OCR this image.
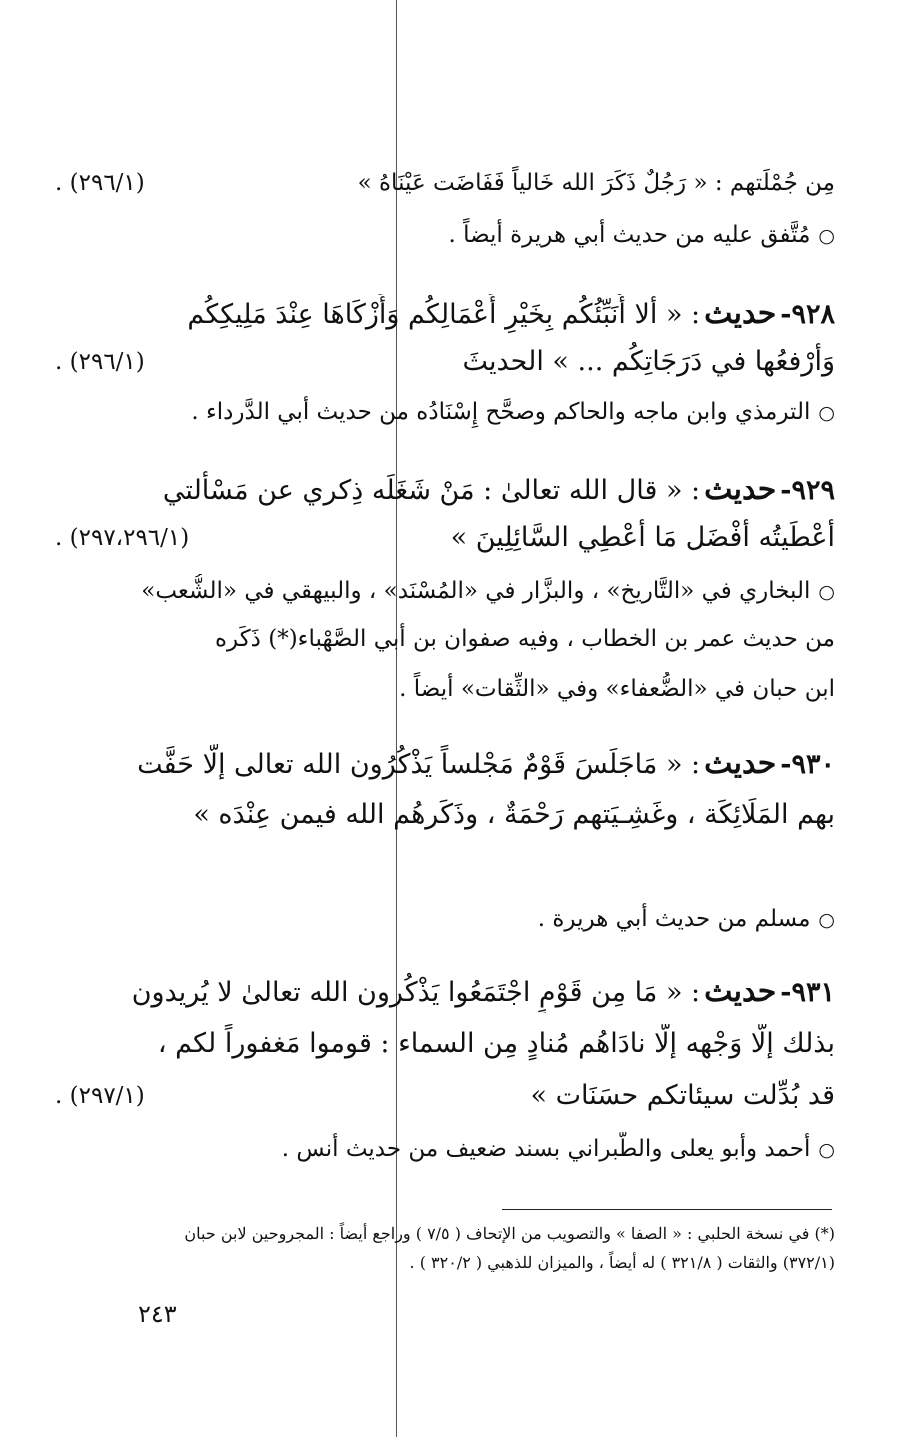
مِن جُمْلَتهم : « رَجُلٌ ذَكَرَ الله خَالياً فَفَاضَت عَيْنَاهُ »
(٢٩٦/١) .
○مُتَّفق عليه من حديث أبي هريرة أيضاً .
٩٢٨-حديث: « ألا أُنَبِّئُكُم بِخَيْرِ أَعْمَالِكُم وَأَزْكَاهَا عِنْدَ مَلِيكِكُم
وَأَرْفعُها في دَرَجَاتِكُم ... » الحديثَ
(٢٩٦/١) .
○الترمذي وابن ماجه والحاكم وصحَّح إِسْنَادُه من حديث أبي الدَّرداء .
٩٢٩-حديث: « قال الله تعالىٰ : مَنْ شَغَلَه ذِكري عن مَسْأَلتي
أَعْطَيتُه أَفْضَل مَا أُعْطِي السَّائِلِينَ »
(٢٩٧،٢٩٦/١) .
○البخاري في «التَّاريخ» ، والبزَّار في «المُسْنَد» ، والبيهقي في «الشُّعب»
من حديث عمر بن الخطاب ، وفيه صفوان بن أبي الصَّهْباء(*) ذَكَره
ابن حبان في «الضُّعفاء» وفي «الثِّقات» أيضاً .
٩٣٠-حديث: « مَاجَلَسَ قَوْمٌ مَجْلساً يَذْكُرُون الله تعالى إلَّا حَفَّت
بهم المَلَائِكَة ، وغَشِـيَتهم رَحْمَةٌ ، وذَكَرهُم الله فيمن عِنْدَه »
○مسلم من حديث أبي هريرة .
٩٣١-حديث: « مَا مِن قَوْمٍ اجْتَمَعُوا يَذْكُرون الله تعالىٰ لا يُريدون
بذلك إلَّا وَجْهه إلَّا نادَاهُم مُنادٍ مِن السماء : قوموا مَغفوراً لكم ،
قد بُدِّلت سيئاتكم حسَنَات »
(٢٩٧/١) .
○أحمد وأبو يعلى والطَّبراني بسند ضعيف من حديث أنس .
(*) في نسخة الحلبي : « الصفا » والتصويب من الإتحاف ( ٧/٥ ) وراجع أيضاً : المجروحين لابن حبان
(٣٧٢/١) والثقات ( ٣٢١/٨ ) له أيضاً ، والميزان للذهبي ( ٣٢٠/٢ ) .
٢٤٣
